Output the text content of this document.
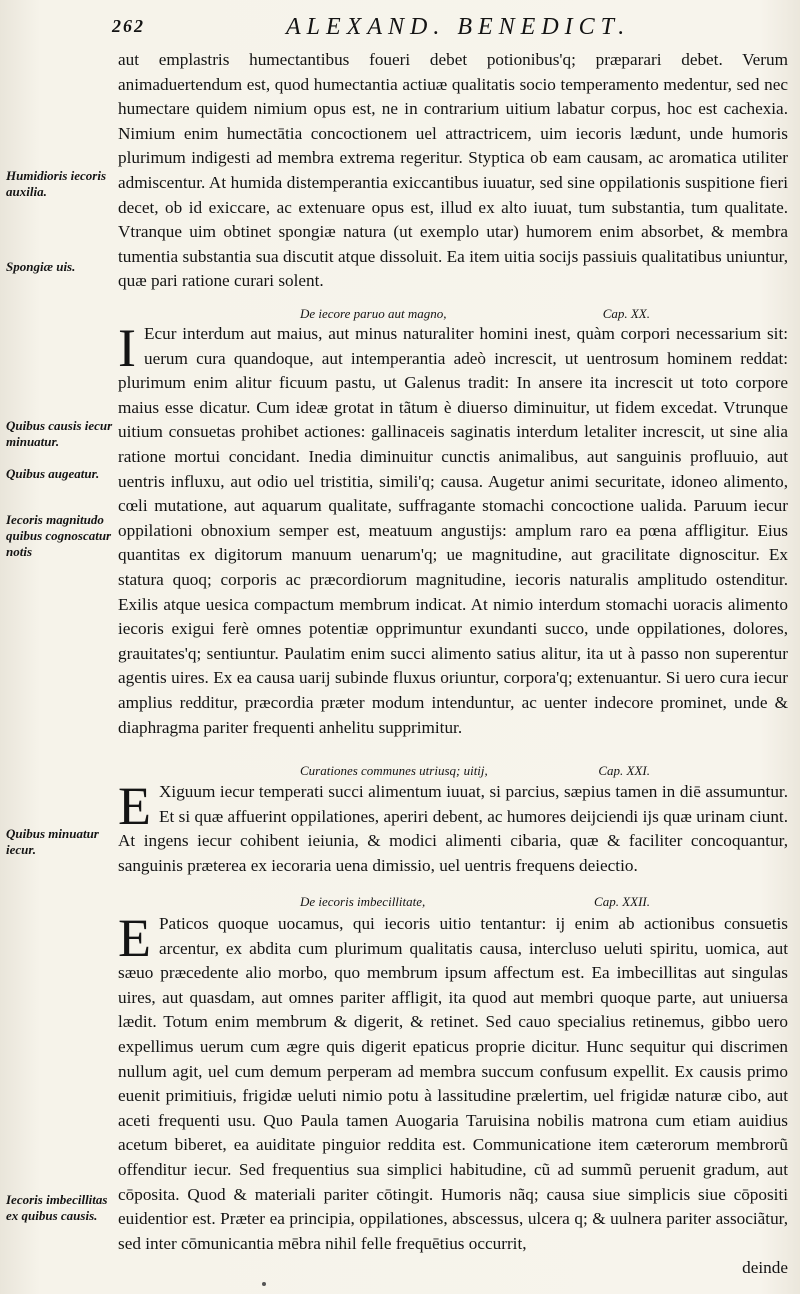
262	ALEXAND. BENEDICT.

Humidioris iecoris auxilia.
Spongiæ uis.
Quibus causis iecur minuatur.
Quibus augeatur.
Iecoris magnitudo quibus cognoscatur notis
Quibus minuatur iecur.
Iecoris imbecillitas ex quibus causis.

aut emplastris humectantibus foueri debet potionibus'q; præparari debet. Verum animaduertendum est, quod humectantia actiuæ qualitatis socio temperamento medentur, sed nec humectare quidem nimium opus est, ne in contrarium uitium labatur corpus, hoc est cachexia. Nimium enim humectātia concoctionem uel attractricem, uim iecoris lædunt, unde humoris plurimum indigesti ad membra extrema regeritur. Styptica ob eam causam, ac aromatica utiliter admiscentur. At humida distemperantia exiccantibus iuuatur, sed sine oppilationis suspitione fieri decet, ob id exiccare, ac extenuare opus est, illud ex alto iuuat, tum substantia, tum qualitate. Vtranque uim obtinet spongiæ natura (ut exemplo utar) humorem enim absorbet, & membra tumentia substantia sua discutit atque dissoluit. Ea item uitia socijs passiuis qualitatibus uniuntur, quæ pari ratione curari solent.

De iecore paruo aut magno,	Cap. XX.
I Ecur interdum aut maius, aut minus naturaliter homini inest, quàm corpori necessarium sit: uerum cura quandoque, aut intemperantia adeò increscit, ut uentrosum hominem reddat: plurimum enim alitur ficuum pastu, ut Galenus tradit: In ansere ita increscit ut toto corpore maius esse dicatur. Cum ideæ grotat in tãtum è diuerso diminuitur, ut fidem excedat. Vtrunque uitium consuetas prohibet actiones: gallinaceis saginatis interdum letaliter increscit, ut sine alia ratione mortui concidant. Inedia diminuitur cunctis animalibus, aut sanguinis profluuio, aut uentris influxu, aut odio uel tristitia, simili'q; causa. Augetur animi securitate, idoneo alimento, cœli mutatione, aut aquarum qualitate, suffragante stomachi concoctione ualida. Paruum iecur oppilationi obnoxium semper est, meatuum angustijs: amplum raro ea pœna affligitur. Eius quantitas ex digitorum manuum uenarum'q; ue magnitudine, aut gracilitate dignoscitur. Ex statura quoq; corporis ac præcordiorum magnitudine, iecoris naturalis amplitudo ostenditur. Exilis atque uesica compactum membrum indicat. At nimio interdum stomachi uoracis alimento iecoris exigui ferè omnes potentiæ opprimuntur exundanti succo, unde oppilationes, dolores, grauitates'q; sentiuntur. Paulatim enim succi alimento satius alitur, ita ut à passo non superentur agentis uires. Ex ea causa uarij subinde fluxus oriuntur, corpora'q; extenuantur. Si uero cura iecur amplius redditur, præcordia præter modum intenduntur, ac uenter indecore prominet, unde & diaphragma pariter frequenti anhelitu supprimitur.

Curationes communes utriusq; uitij,	Cap. XXI.
E Xiguum iecur temperati succi alimentum iuuat, si parcius, sæpius tamen in diē assumuntur. Et si quæ affuerint oppilationes, aperiri debent, ac humores deijciendi ijs quæ urinam ciunt. At ingens iecur cohibent ieiunia, & modici alimenti cibaria, quæ & faciliter concoquantur, sanguinis præterea ex iecoraria uena dimissio, uel uentris frequens deiectio.

De iecoris imbecillitate,	Cap. XXII.
E Paticos quoque uocamus, qui iecoris uitio tentantur: ij enim ab actionibus consuetis arcentur, ex abdita cum plurimum qualitatis causa, intercluso ueluti spiritu, uomica, aut sæuo præcedente alio morbo, quo membrum ipsum affectum est. Ea imbecillitas aut singulas uires, aut quasdam, aut omnes pariter affligit, ita quod aut membri quoque parte, aut uniuersa lædit. Totum enim membrum & digerit, & retinet. Sed cauo specialius retinemus, gibbo uero expellimus uerum cum ægre quis digerit epaticus proprie dicitur. Hunc sequitur qui discrimen nullum agit, uel cum demum perperam ad membra succum confusum expellit. Ex causis primo euenit primitiuis, frigidæ ueluti nimio potu à lassitudine prælertim, uel frigidæ naturæ cibo, aut aceti frequenti usu. Quo Paula tamen Auogaria Taruisina nobilis matrona cum etiam auidius acetum biberet, ea auiditate pinguior reddita est. Communicatione item cæterorum membrorũ offenditur iecur. Sed frequentius sua simplici habitudine, cũ ad summũ peruenit gradum, aut cōposita. Quod & materiali pariter cōtingit. Humoris nãq; causa siue simplicis siue cōpositi euidentior est. Præter ea principia, oppilationes, abscessus, ulcera q; & uulnera pariter associãtur, sed inter cōmunicantia mēbra nihil felle frequētius occurrit,

deinde
